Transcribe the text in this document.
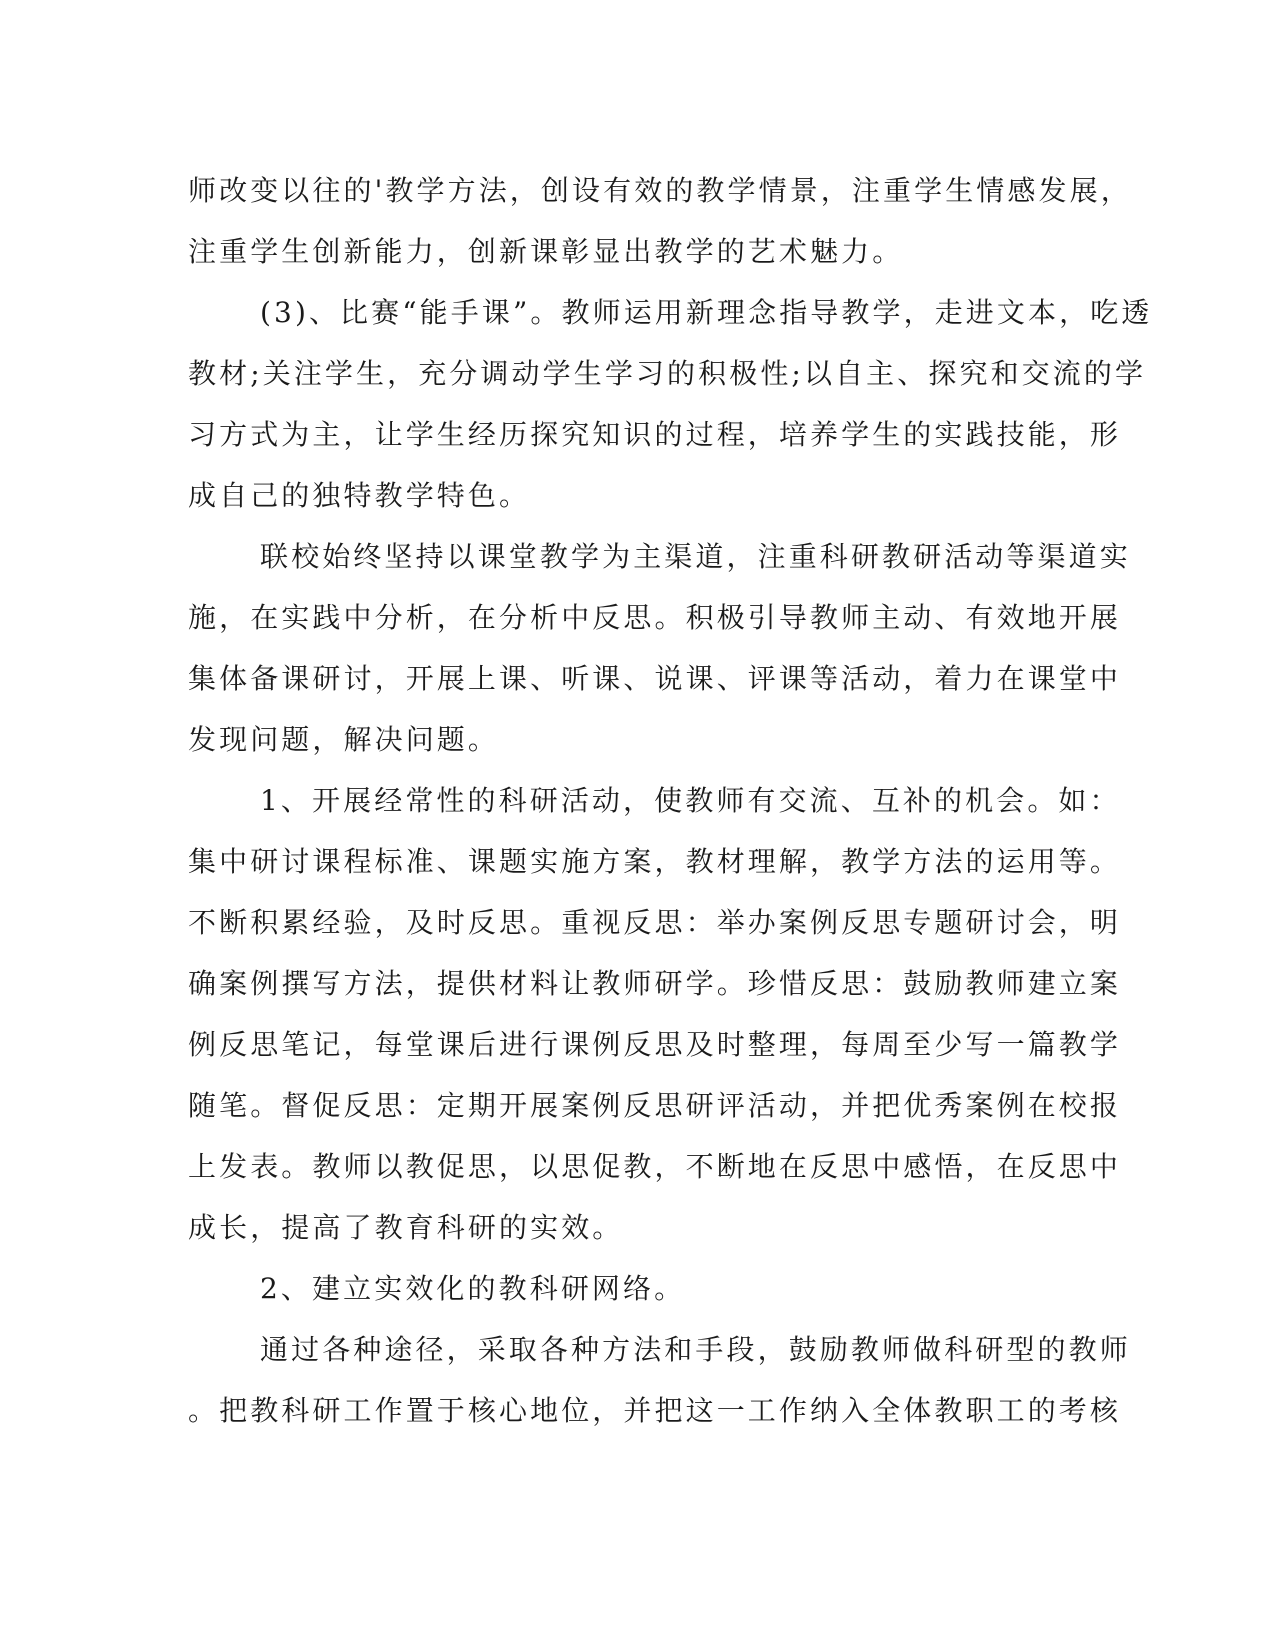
师改变以往的'教学方法，创设有效的教学情景，注重学生情感发展，
注重学生创新能力，创新课彰显出教学的艺术魅力。
(3)、比赛“能手课”。教师运用新理念指导教学，走进文本，吃透
教材;关注学生，充分调动学生学习的积极性;以自主、探究和交流的学
习方式为主，让学生经历探究知识的过程，培养学生的实践技能，形
成自己的独特教学特色。
联校始终坚持以课堂教学为主渠道，注重科研教研活动等渠道实
施，在实践中分析，在分析中反思。积极引导教师主动、有效地开展
集体备课研讨，开展上课、听课、说课、评课等活动，着力在课堂中
发现问题，解决问题。
1、开展经常性的科研活动，使教师有交流、互补的机会。如：
集中研讨课程标准、课题实施方案，教材理解，教学方法的运用等。
不断积累经验，及时反思。重视反思：举办案例反思专题研讨会，明
确案例撰写方法，提供材料让教师研学。珍惜反思：鼓励教师建立案
例反思笔记，每堂课后进行课例反思及时整理，每周至少写一篇教学
随笔。督促反思：定期开展案例反思研评活动，并把优秀案例在校报
上发表。教师以教促思，以思促教，不断地在反思中感悟，在反思中
成长，提高了教育科研的实效。
2、建立实效化的教科研网络。
通过各种途径，采取各种方法和手段，鼓励教师做科研型的教师
。把教科研工作置于核心地位，并把这一工作纳入全体教职工的考核
